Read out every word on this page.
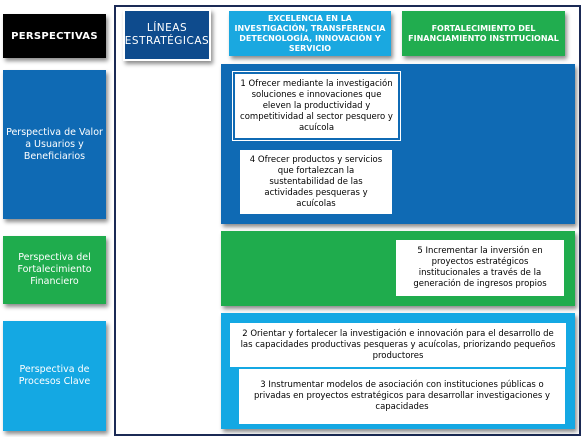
PERSPECTIVAS
Perspectiva de Valor a Usuarios y Beneficiarios
Perspectiva del Fortalecimiento Financiero
Perspectiva de Procesos Clave
LÍNEAS ESTRATÉGICAS
EXCELENCIA EN LA INVESTIGACIÓN, TRANSFERENCIA DETECNOLOGÍA, INNOVACIÓN Y SERVICIO
FORTALECIMIENTO DEL FINANCIAMIENTO INSTITUCIONAL
1 Ofrecer mediante la investigación soluciones e innovaciones que eleven la productividad y competitividad al sector pesquero y acuícola
4 Ofrecer productos y servicios que fortalezcan la sustentabilidad de las actividades pesqueras y acuícolas
5 Incrementar la inversión en proyectos estratégicos institucionales a través de la generación de ingresos propios
2 Orientar y fortalecer la investigación e innovación para el desarrollo de las capacidades productivas pesqueras y acuícolas, priorizando pequeños productores
3 Instrumentar modelos de asociación con instituciones públicas o privadas en proyectos estratégicos para desarrollar investigaciones y capacidades
